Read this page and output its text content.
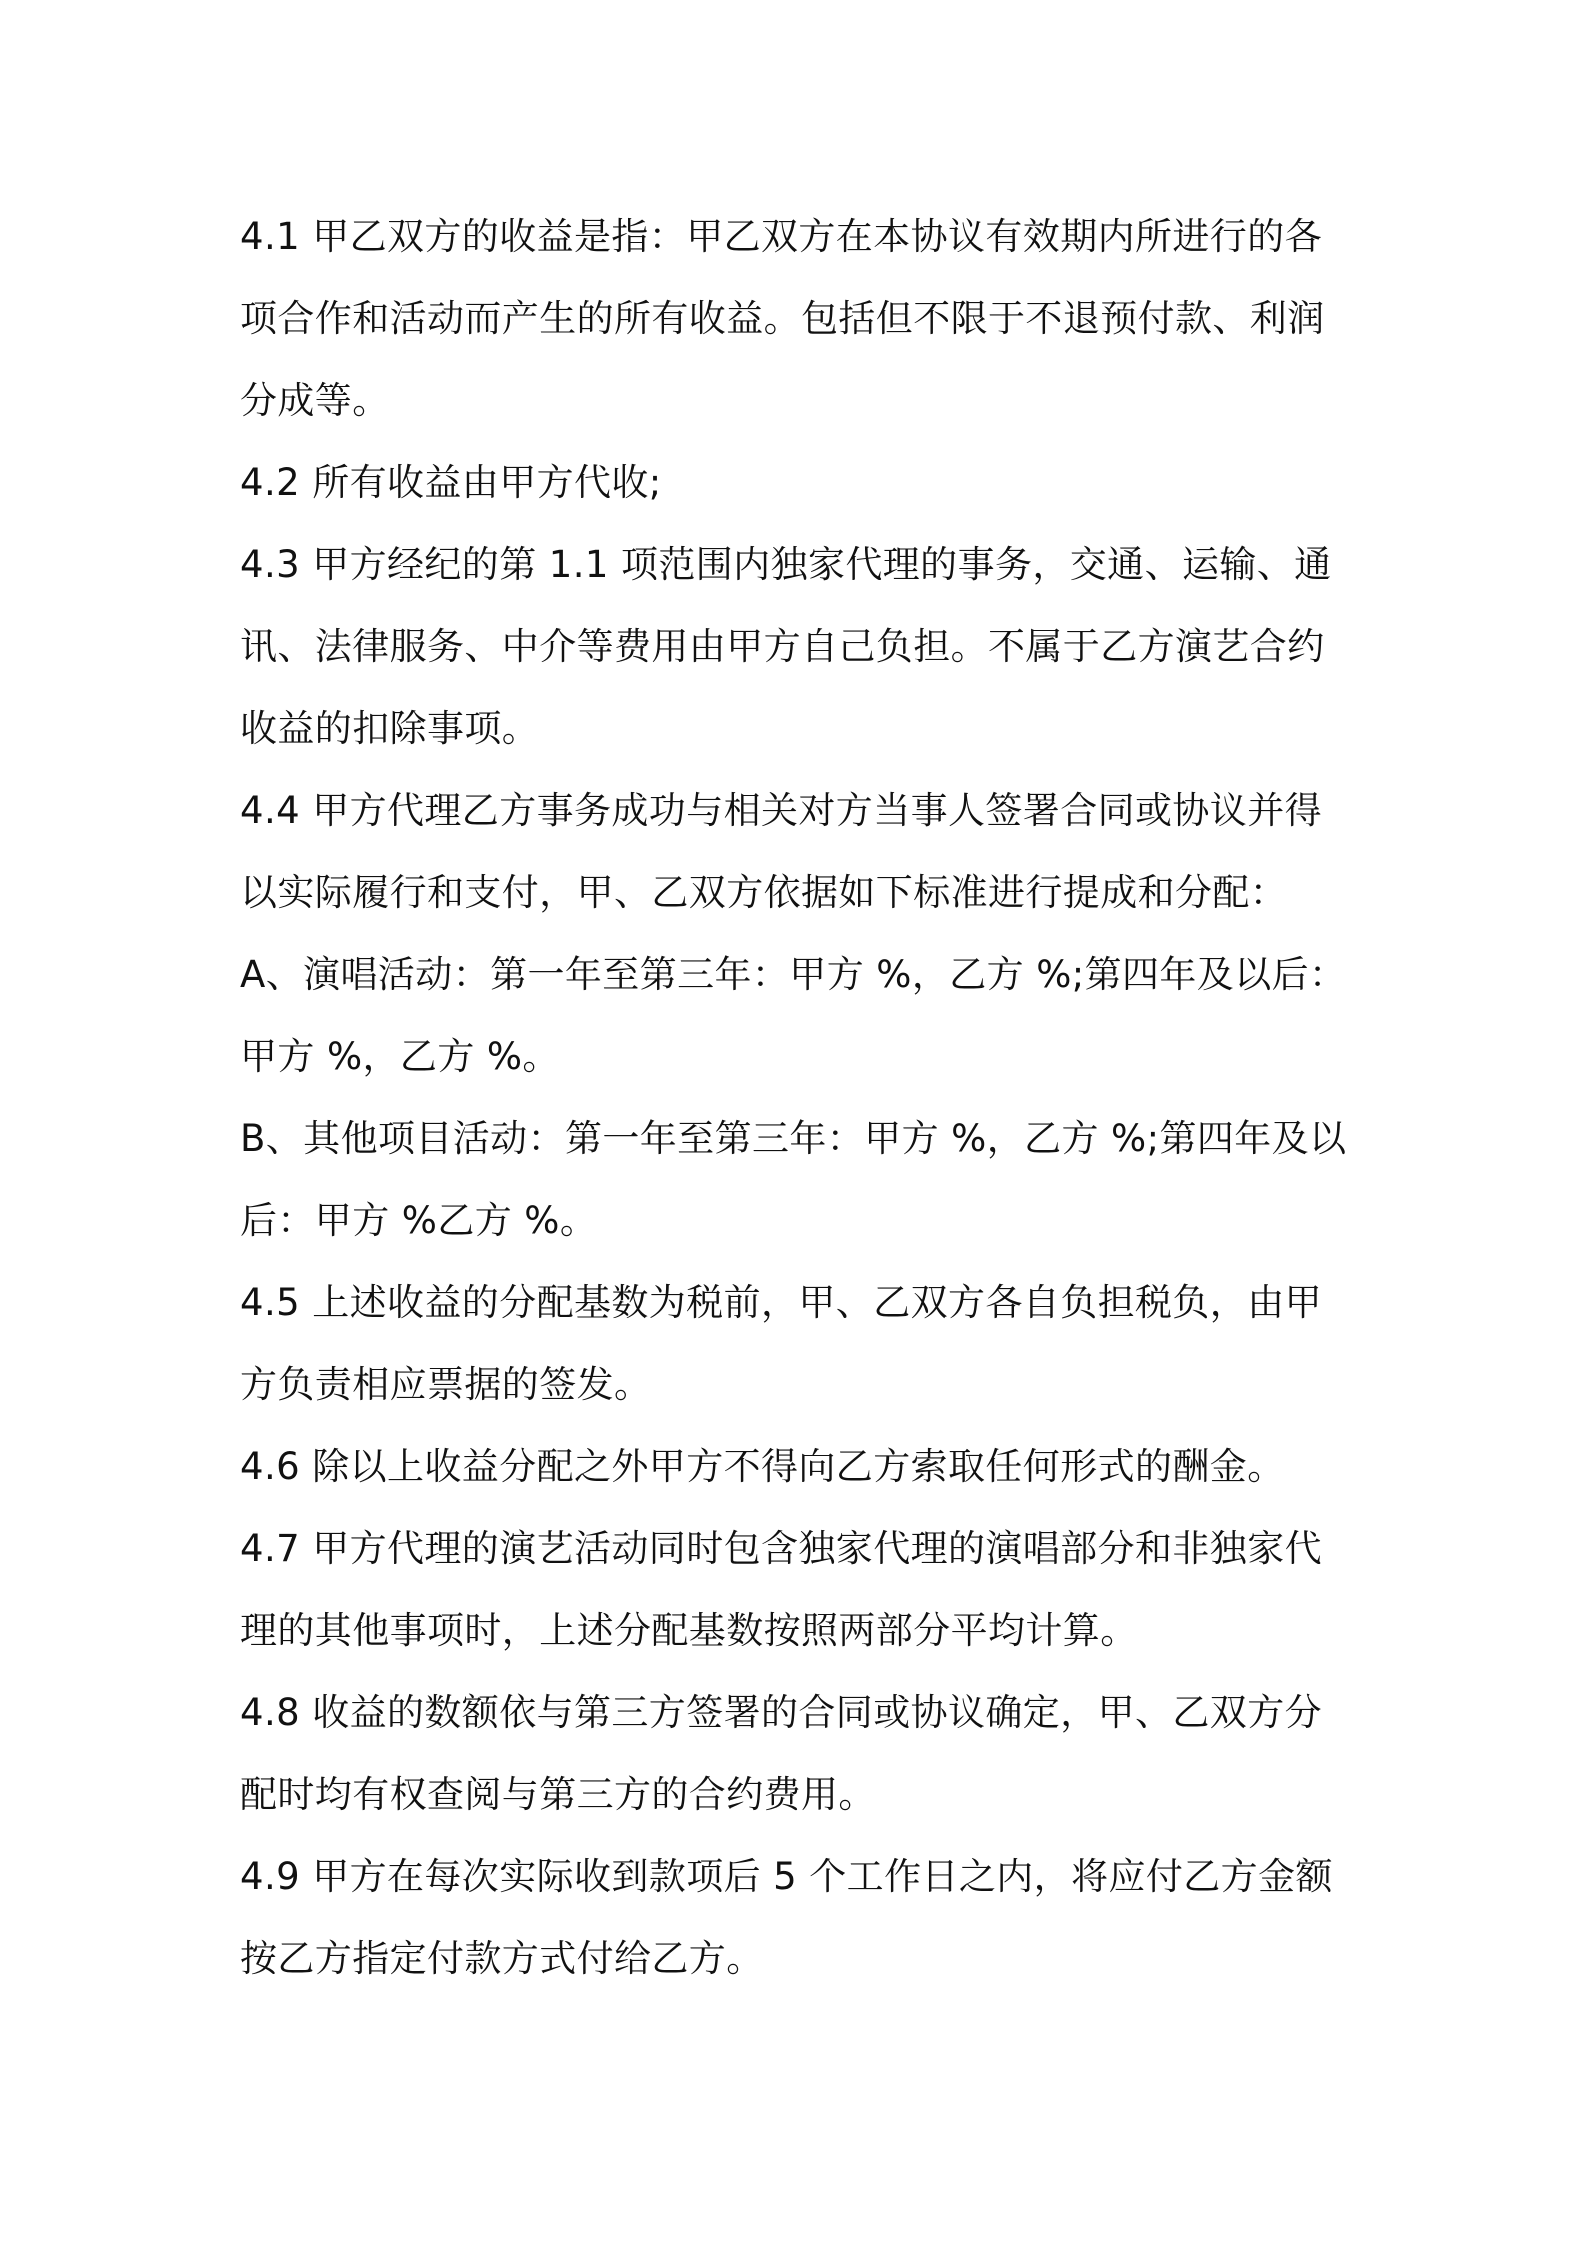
4.1 甲乙双方的收益是指：甲乙双方在本协议有效期内所进行的各项合作和活动而产生的所有收益。包括但不限于不退预付款、利润分成等。

4.2 所有收益由甲方代收;

4.3 甲方经纪的第 1.1 项范围内独家代理的事务，交通、运输、通讯、法律服务、中介等费用由甲方自己负担。不属于乙方演艺合约收益的扣除事项。

4.4 甲方代理乙方事务成功与相关对方当事人签署合同或协议并得以实际履行和支付，甲、乙双方依据如下标准进行提成和分配：

A、演唱活动：第一年至第三年：甲方 %，乙方 %;第四年及以后：甲方 %，乙方 %。

B、其他项目活动：第一年至第三年：甲方 %，乙方 %;第四年及以后：甲方 %乙方 %。

4.5 上述收益的分配基数为税前，甲、乙双方各自负担税负，由甲方负责相应票据的签发。

4.6 除以上收益分配之外甲方不得向乙方索取任何形式的酬金。

4.7 甲方代理的演艺活动同时包含独家代理的演唱部分和非独家代理的其他事项时，上述分配基数按照两部分平均计算。

4.8 收益的数额依与第三方签署的合同或协议确定，甲、乙双方分配时均有权查阅与第三方的合约费用。

4.9 甲方在每次实际收到款项后 5 个工作日之内，将应付乙方金额按乙方指定付款方式付给乙方。
